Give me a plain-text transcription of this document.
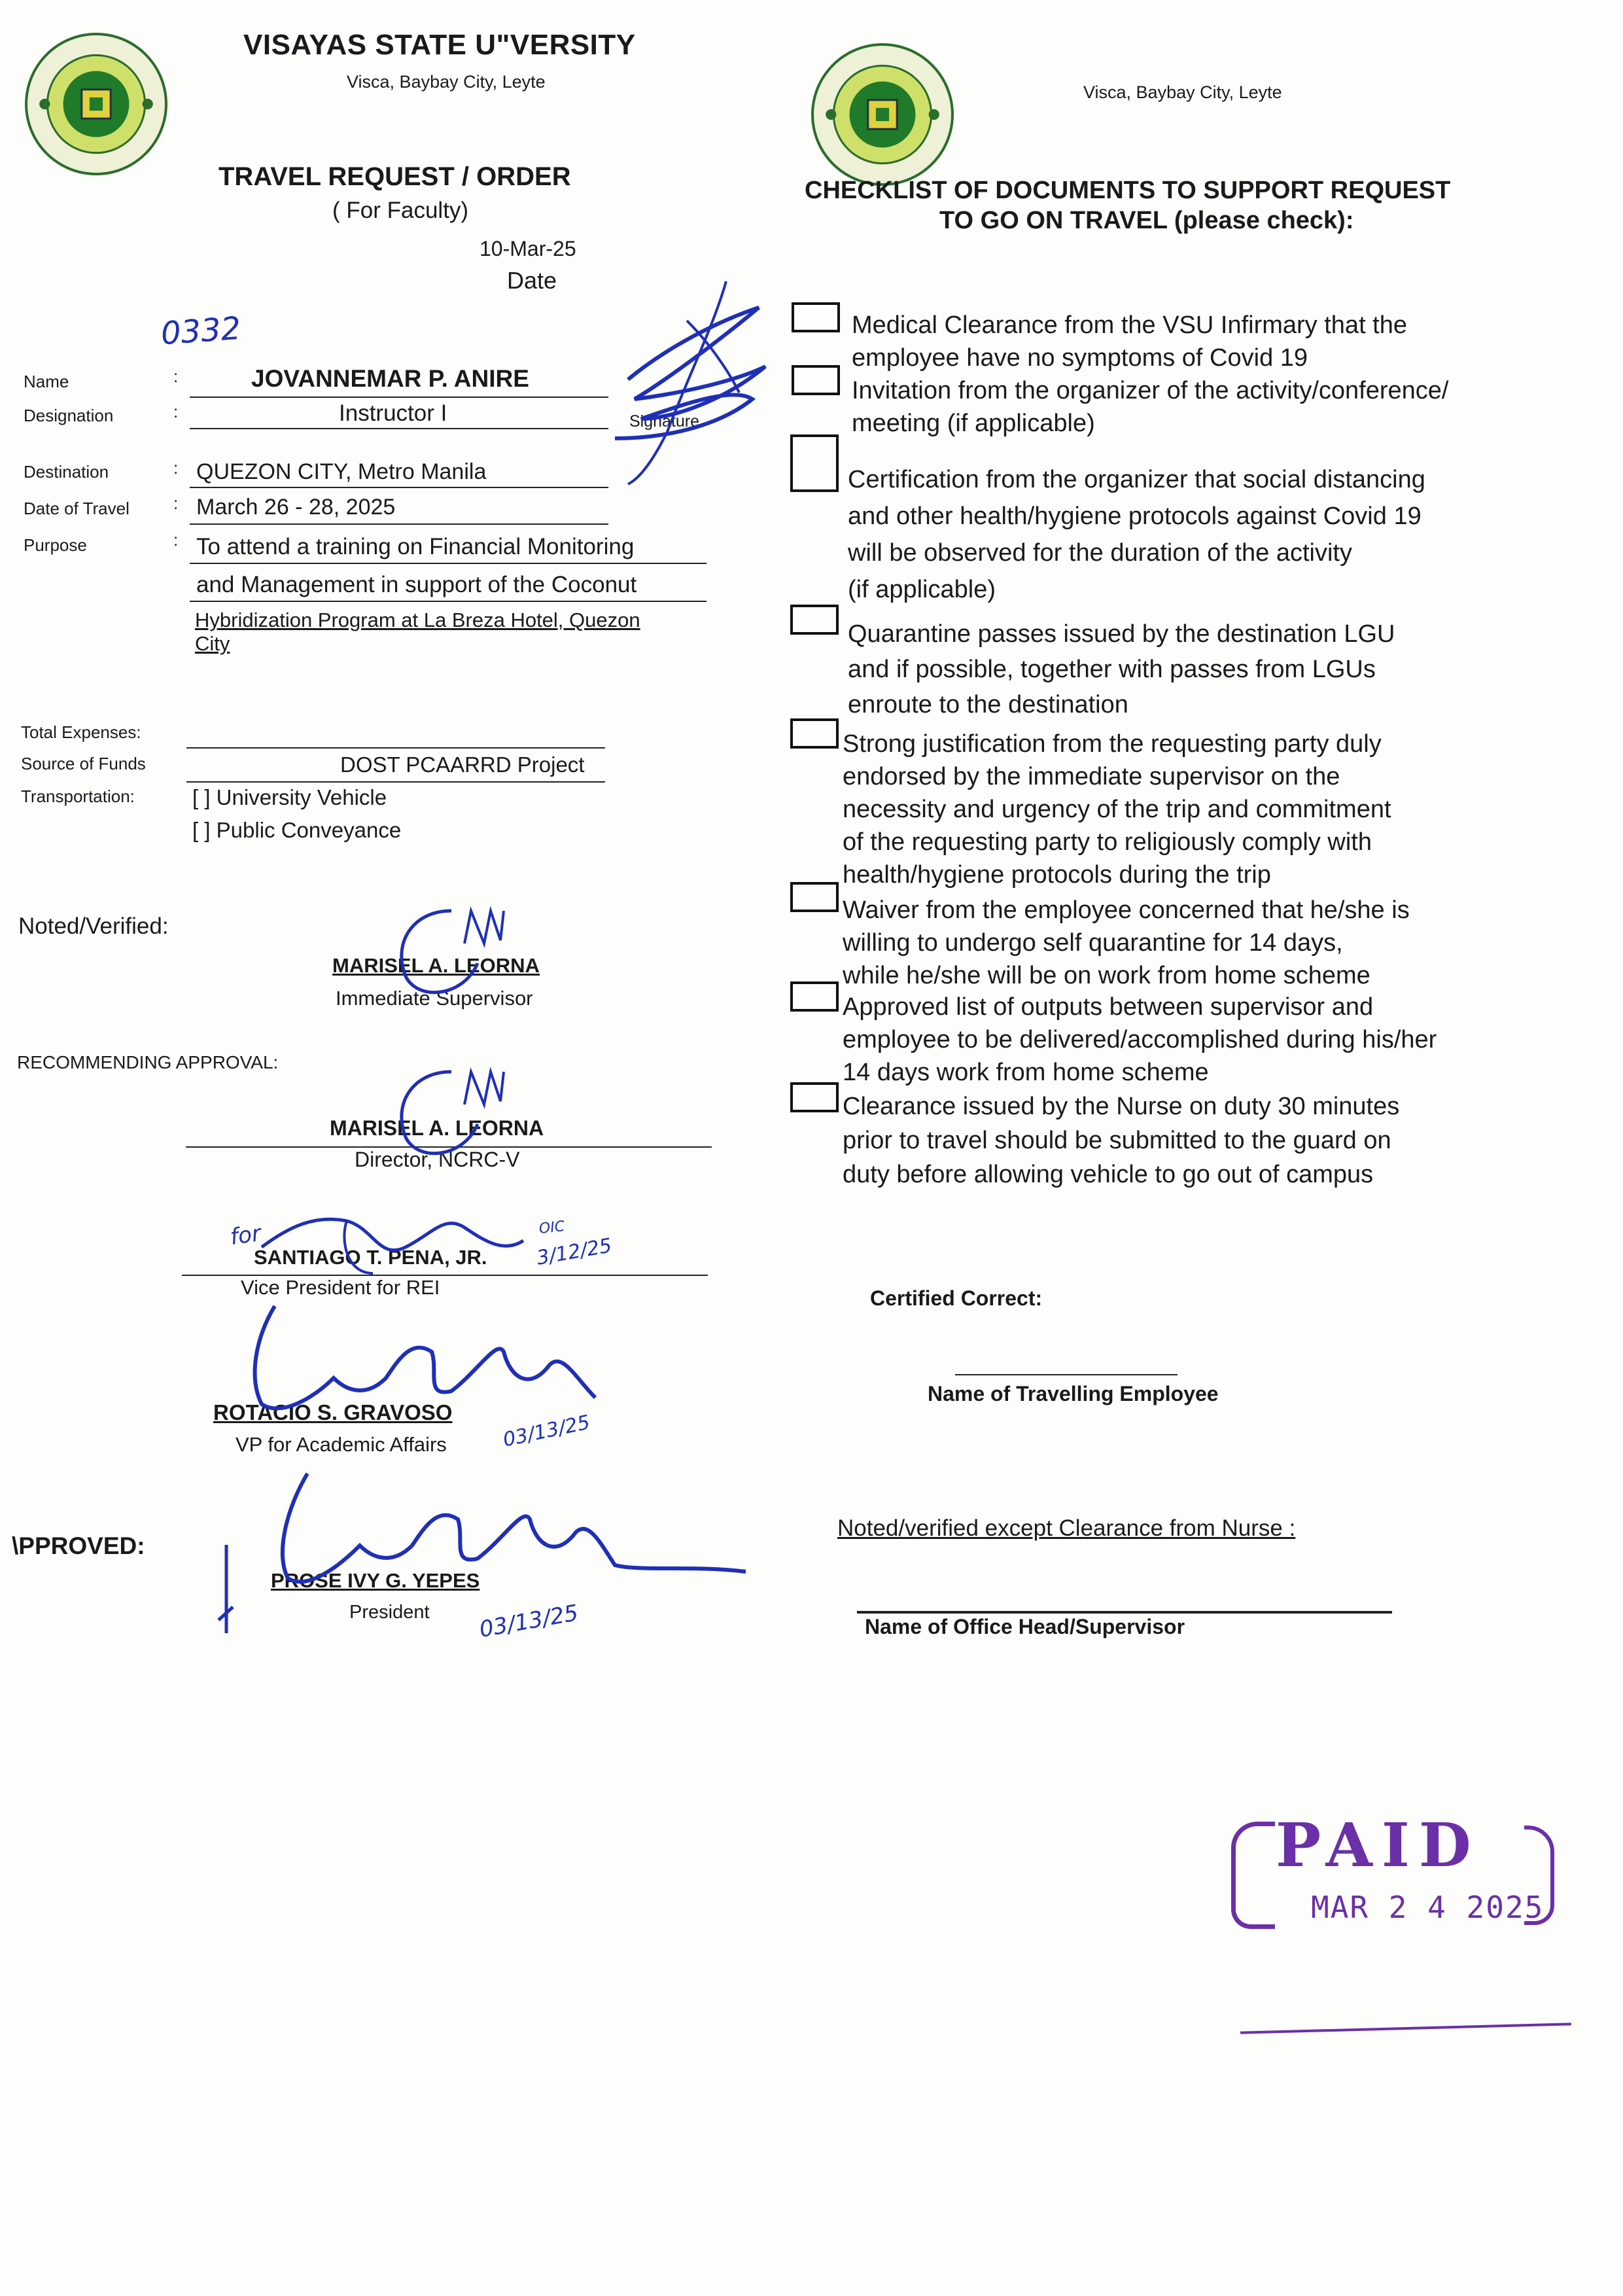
VISAYAS STATE U"VERSITY
Visca, Baybay City, Leyte
TRAVEL REQUEST / ORDER
( For Faculty)
10-Mar-25
Date
0332
Visca, Baybay City, Leyte
CHECKLIST OF DOCUMENTS TO SUPPORT REQUEST
TO GO ON TRAVEL (please check):
Name	:	JOVANNEMAR P. ANIRE
Designation	:	Instructor I	Signature
Destination	: QUEZON CITY, Metro Manila
Date of Travel	: March 26 - 28, 2025
Purpose	: To attend a training on Financial Monitoring
and Management in support of the Coconut
Hybridization Program at La Breza Hotel, Quezon
City
Total Expenses:
Source of Funds	DOST PCAARRD Project
Transportation:	[ ] University Vehicle
[ ] Public Conveyance
Noted/Verified:
MARISEL A. LEORNA
Immediate Supervisor
RECOMMENDING APPROVAL:
MARISEL A. LEORNA
Director, NCRC-V
SANTIAGO T. PENA, JR.
Vice President for REI
ROTACIO S. GRAVOSO
VP for Academic Affairs
\PPROVED:
PROSE IVY G. YEPES
President
for	OIC
3/12/25
03/13/25
03/13/25
Medical Clearance from the VSU Infirmary that the
employee have no symptoms of Covid 19
Invitation from the organizer of the activity/conference/
meeting (if applicable)
Certification from the organizer that social distancing
and other health/hygiene protocols against Covid 19
will be observed for the duration of the activity
(if applicable)
Quarantine passes issued by the destination LGU
and if possible, together with passes from LGUs
enroute to the destination
Strong justification from the requesting party duly
endorsed by the immediate supervisor on the
necessity and urgency of the trip and commitment
of the requesting party to religiously comply with
health/hygiene protocols during the trip
Waiver from the employee concerned that he/she is
willing to undergo self quarantine for 14 days,
while he/she will be on work from home scheme
Approved list of outputs between supervisor and
employee to be delivered/accomplished during his/her
14 days work from home scheme
Clearance issued by the Nurse on duty 30 minutes
prior to travel should be submitted to the guard on
duty before allowing vehicle to go out of campus
Certified Correct:
Name of Travelling Employee
Noted/verified except Clearance from Nurse :
Name of Office Head/Supervisor
PAID
MAR 2 4 2025
